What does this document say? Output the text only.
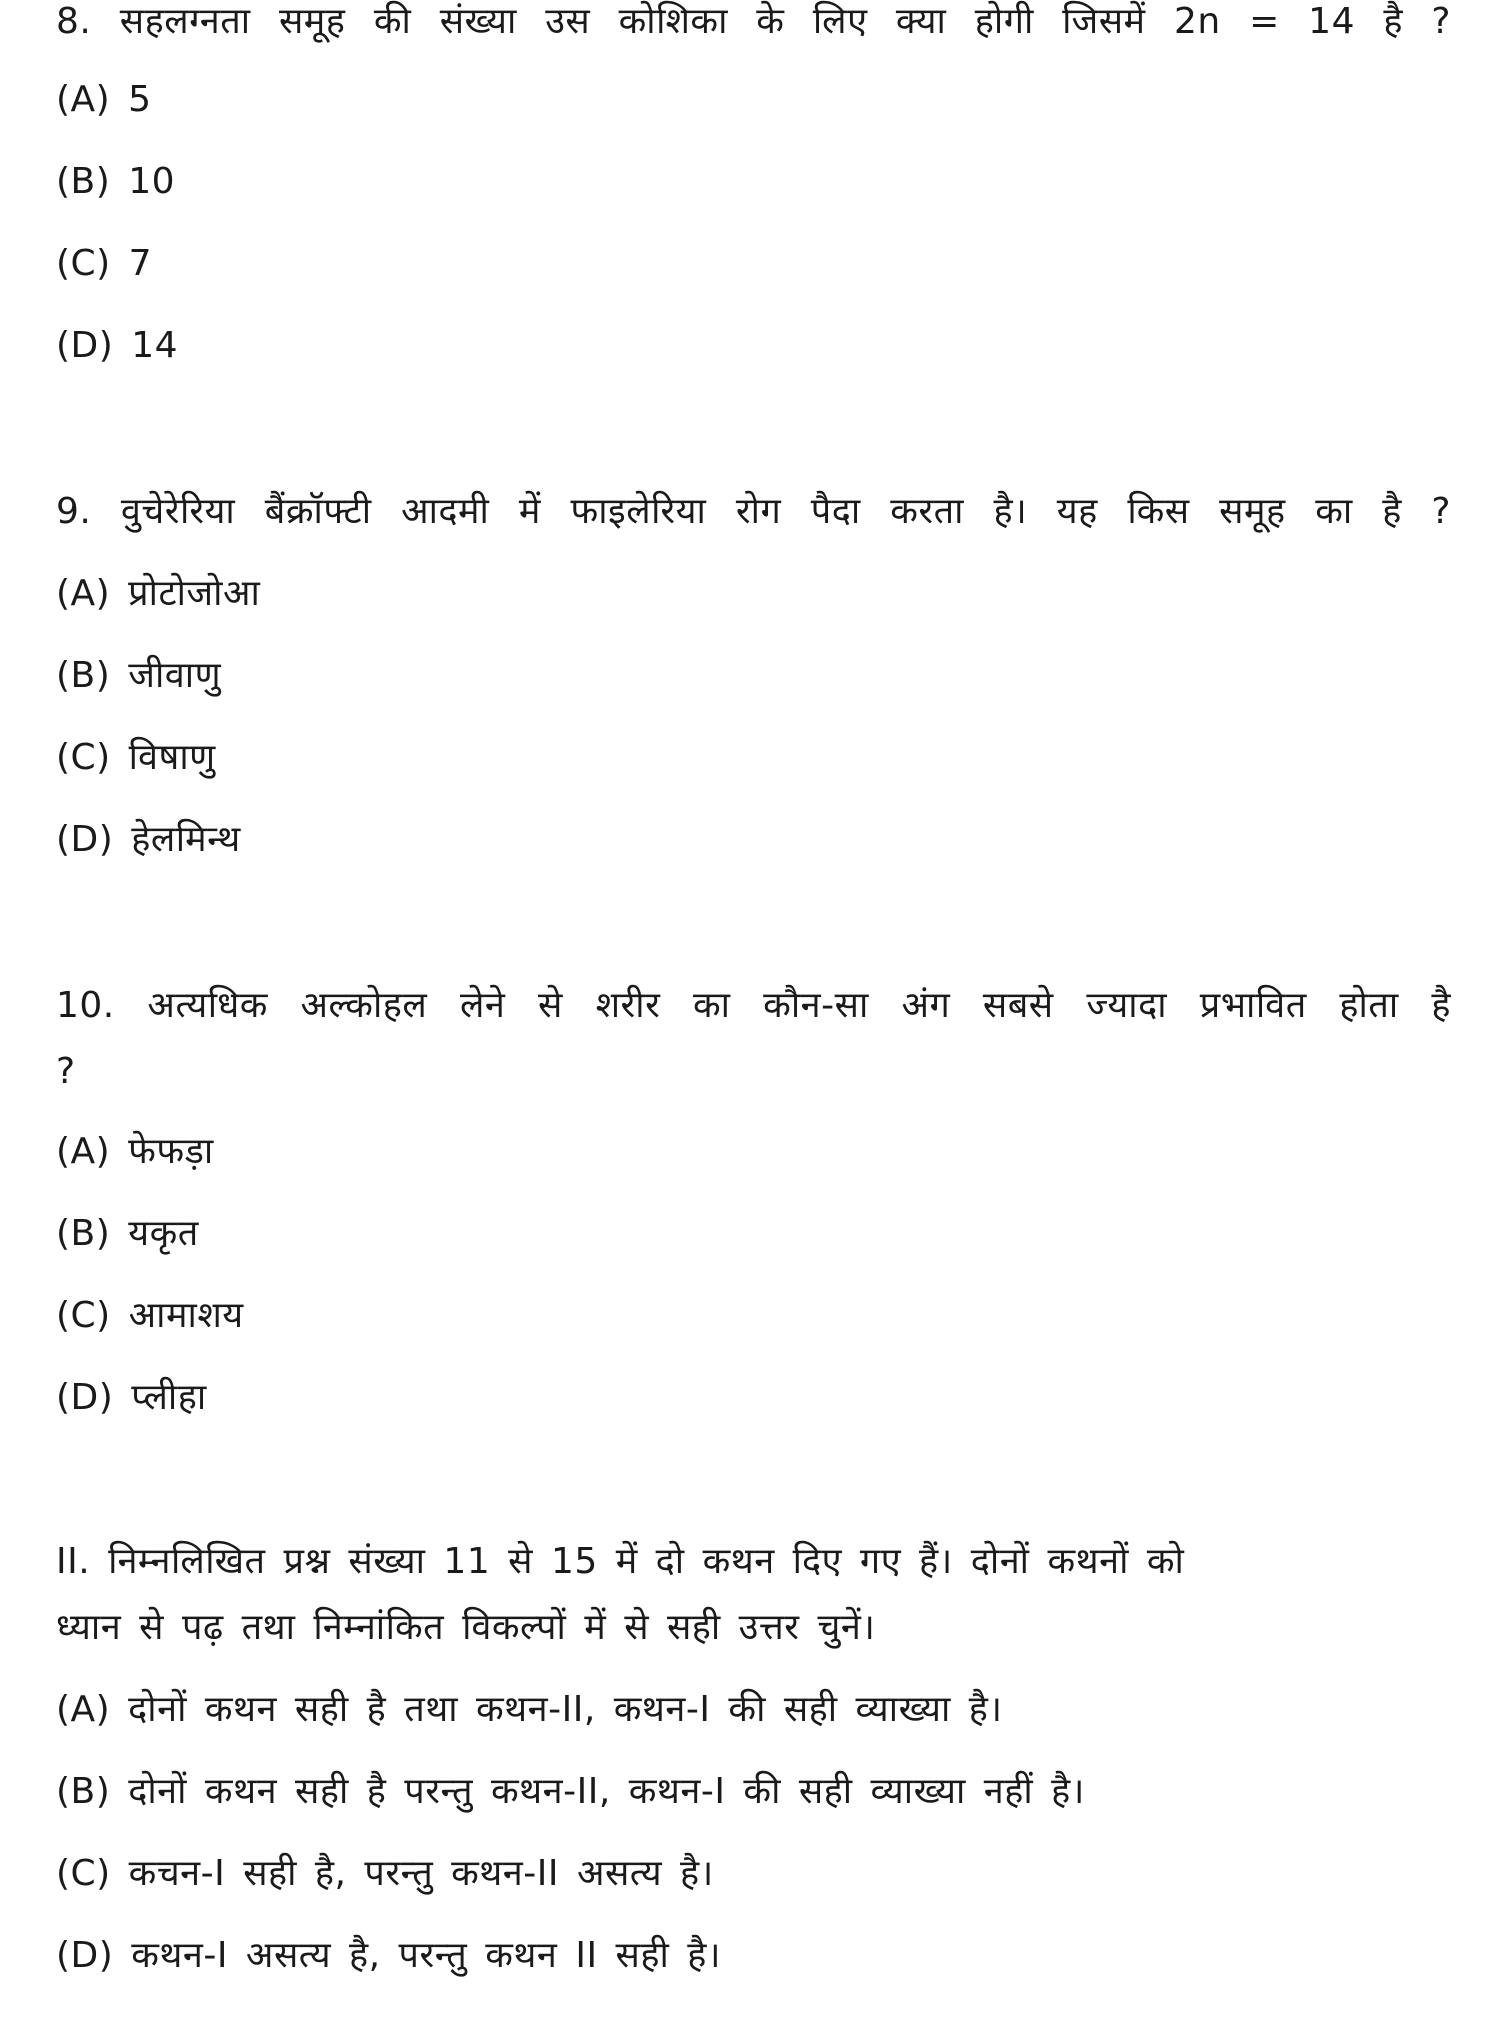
8. सहलग्नता समूह की संख्या उस कोशिका के लिए क्या होगी जिसमें 2n = 14 है ?
(A) 5
(B) 10
(C) 7
(D) 14
9. वुचेरेरिया बैंक्रॉफ्टी आदमी में फाइलेरिया रोग पैदा करता है। यह किस समूह का है ?
(A) प्रोटोजोआ
(B) जीवाणु
(C) विषाणु
(D) हेलमिन्थ
10. अत्यधिक अल्कोहल लेने से शरीर का कौन-सा अंग सबसे ज्यादा प्रभावित होता है
?
(A) फेफड़ा
(B) यकृत
(C) आमाशय
(D) प्लीहा
II. निम्नलिखित प्रश्न संख्या 11 से 15 में दो कथन दिए गए हैं। दोनों कथनों को
ध्यान से पढ़ तथा निम्नांकित विकल्पों में से सही उत्तर चुनें।
(A) दोनों कथन सही है तथा कथन-II, कथन-I की सही व्याख्या है।
(B) दोनों कथन सही है परन्तु कथन-II, कथन-I की सही व्याख्या नहीं है।
(C) कचन-I सही है, परन्तु कथन-II असत्य है।
(D) कथन-I असत्य है, परन्तु कथन II सही है।
